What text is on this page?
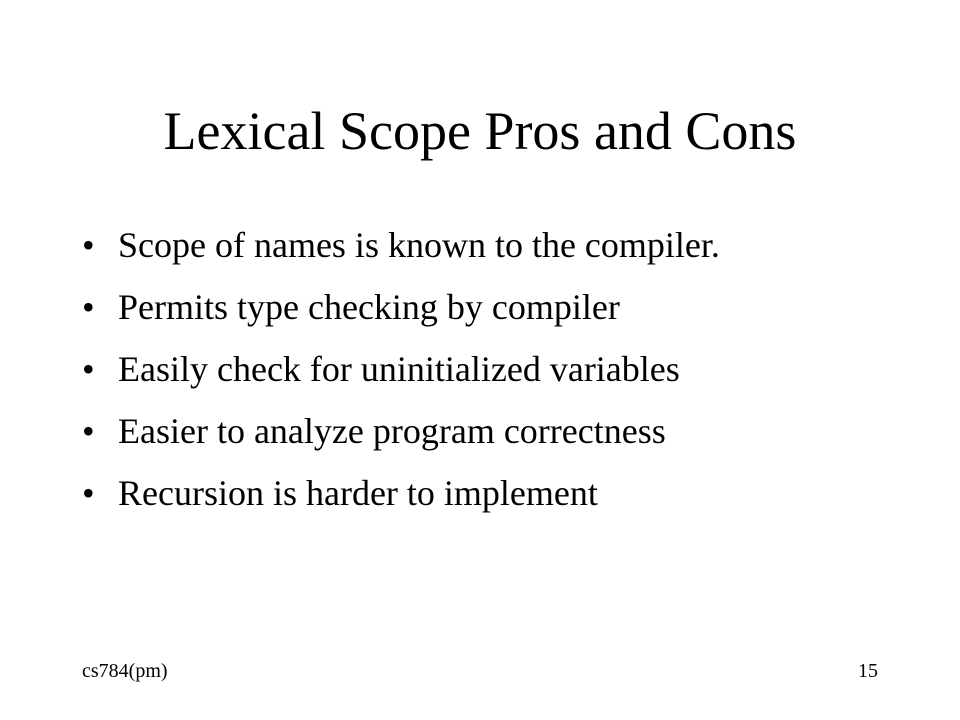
Lexical Scope Pros and Cons
• Scope of names is known to the compiler.
• Permits type checking by compiler
• Easily check for uninitialized variables
• Easier to analyze program correctness
• Recursion is harder to implement
cs784(pm)	15
